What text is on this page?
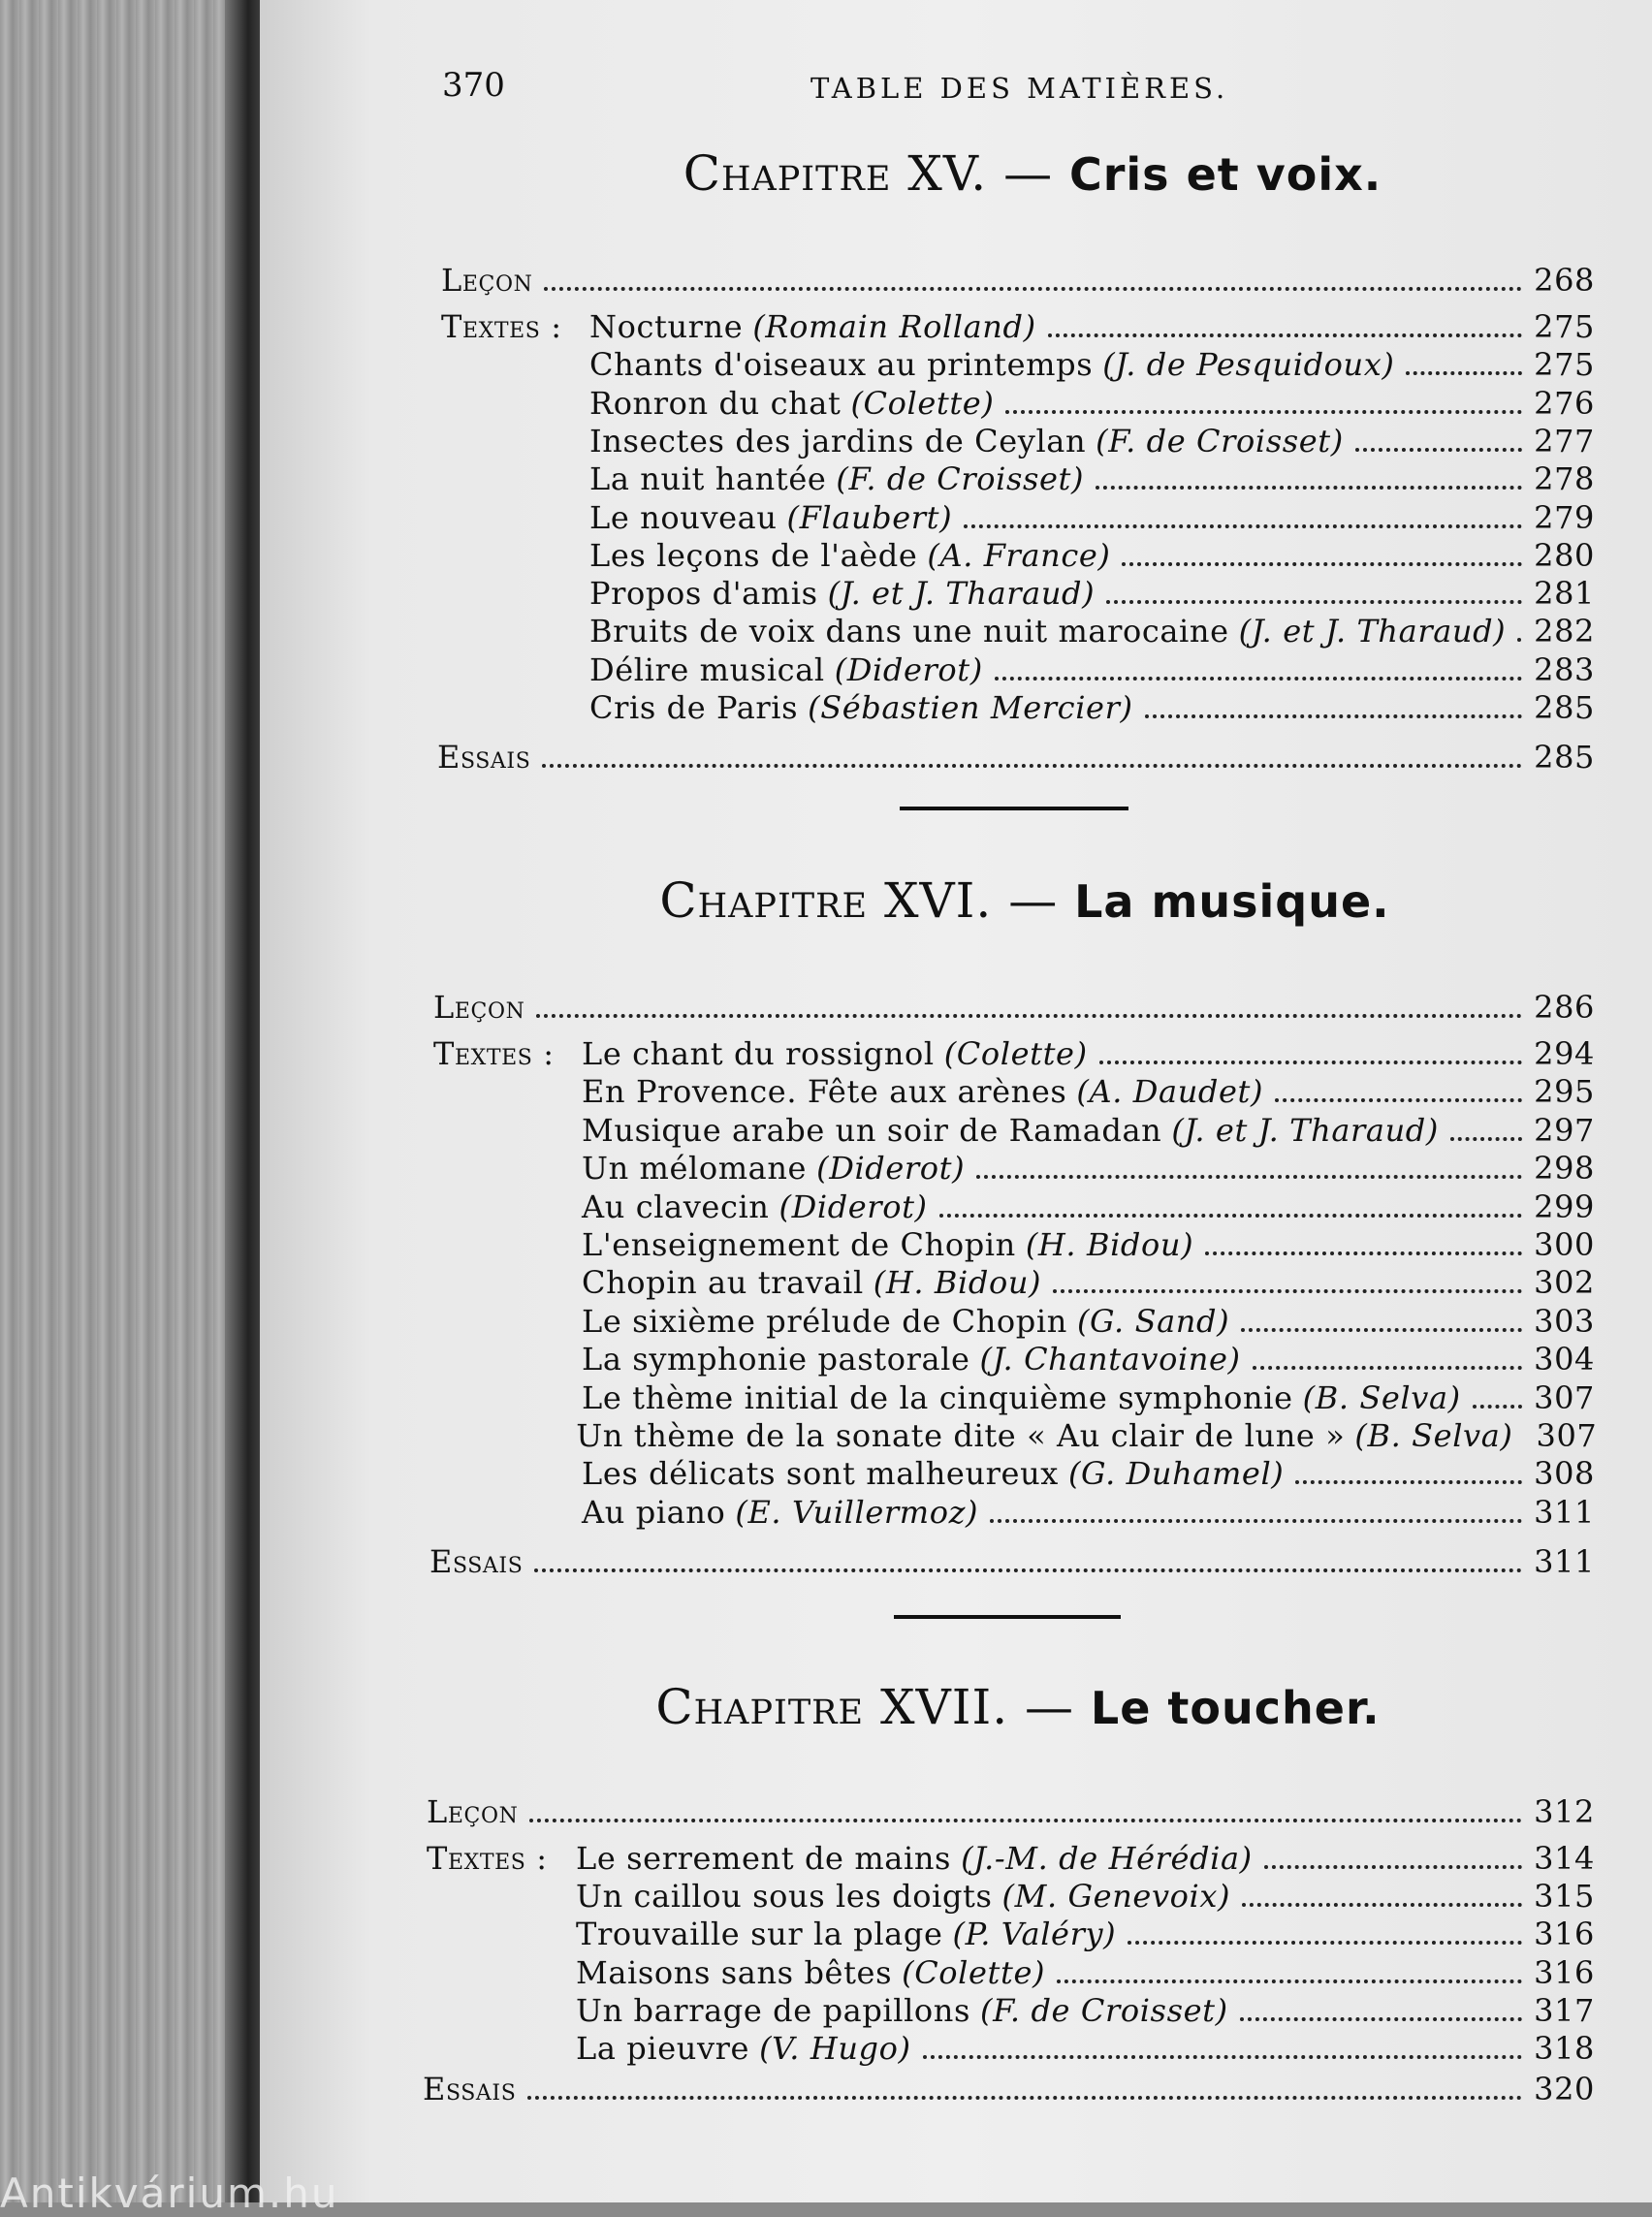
370	TABLE DES MATIÈRES.
Chapitre XV. — Cris et voix.
Leçon	268
Textes : Nocturne (Romain Rolland)	275
Chants d'oiseaux au printemps (J. de Pesquidoux)	275
Ronron du chat (Colette)	276
Insectes des jardins de Ceylan (F. de Croisset)	277
La nuit hantée (F. de Croisset)	278
Le nouveau (Flaubert)	279
Les leçons de l'aède (A. France)	280
Propos d'amis (J. et J. Tharaud)	281
Bruits de voix dans une nuit marocaine (J. et J. Tharaud) 282
Délire musical (Diderot)	283
Cris de Paris (Sébastien Mercier)	285
Essais	285
Chapitre XVI. — La musique.
Leçon	286
Textes : Le chant du rossignol (Colette)	294
En Provence. Fête aux arènes (A. Daudet)	295
Musique arabe un soir de Ramadan (J. et J. Tharaud)	297
Un mélomane (Diderot)	298
Au clavecin (Diderot)	299
L'enseignement de Chopin (H. Bidou)	300
Chopin au travail (H. Bidou)	302
Le sixième prélude de Chopin (G. Sand)	303
La symphonie pastorale (J. Chantavoine)	304
Le thème initial de la cinquième symphonie (B. Selva) 307
Un thème de la sonate dite « Au clair de lune » (B. Selva) 307
Les délicats sont malheureux (G. Duhamel)	308
Au piano (E. Vuillermoz)	311
Essais	311
Chapitre XVII. — Le toucher.
Leçon	312
Textes : Le serrement de mains (J.-M. de Hérédia)	314
Un caillou sous les doigts (M. Genevoix)	315
Trouvaille sur la plage (P. Valéry)	316
Maisons sans bêtes (Colette)	316
Un barrage de papillons (F. de Croisset)	317
La pieuvre (V. Hugo)	318
Essais	320
Antikvárium.hu
